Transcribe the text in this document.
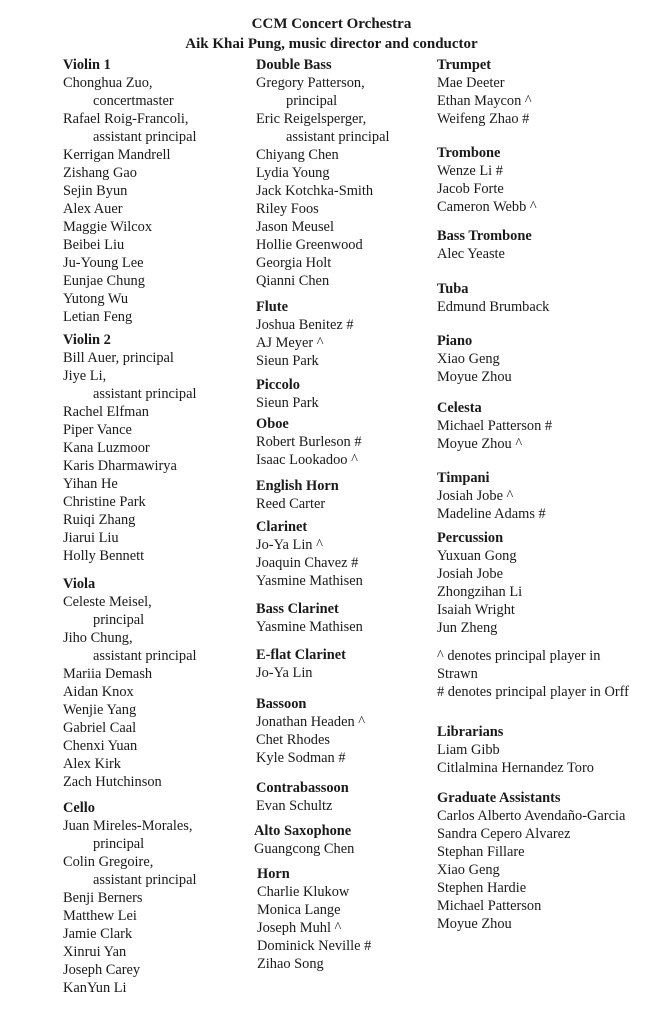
CCM Concert Orchestra
Aik Khai Pung, music director and conductor
Violin 1
Chonghua Zuo,
concertmaster
Rafael Roig-Francoli,
assistant principal
Kerrigan Mandrell
Zishang Gao
Sejin Byun
Alex Auer
Maggie Wilcox
Beibei Liu
Ju-Young Lee
Eunjae Chung
Yutong Wu
Letian Feng
Violin 2
Bill Auer, principal
Jiye Li,
assistant principal
Rachel Elfman
Piper Vance
Kana Luzmoor
Karis Dharmawirya
Yihan He
Christine Park
Ruiqi Zhang
Jiarui Liu
Holly Bennett
Viola
Celeste Meisel,
principal
Jiho Chung,
assistant principal
Mariia Demash
Aidan Knox
Wenjie Yang
Gabriel Caal
Chenxi Yuan
Alex Kirk
Zach Hutchinson
Cello
Juan Mireles-Morales,
principal
Colin Gregoire,
assistant principal
Benji Berners
Matthew Lei
Jamie Clark
Xinrui Yan
Joseph Carey
KanYun Li
Double Bass
Gregory Patterson,
principal
Eric Reigelsperger,
assistant principal
Chiyang Chen
Lydia Young
Jack Kotchka-Smith
Riley Foos
Jason Meusel
Hollie Greenwood
Georgia Holt
Qianni Chen
Flute
Joshua Benitez #
AJ Meyer ^
Sieun Park
Piccolo
Sieun Park
Oboe
Robert Burleson #
Isaac Lookadoo ^
English Horn
Reed Carter
Clarinet
Jo-Ya Lin ^
Joaquin Chavez #
Yasmine Mathisen
Bass Clarinet
Yasmine Mathisen
E-flat Clarinet
Jo-Ya Lin
Bassoon
Jonathan Headen ^
Chet Rhodes
Kyle Sodman #
Contrabassoon
Evan Schultz
Alto Saxophone
Guangcong Chen
Horn
Charlie Klukow
Monica Lange
Joseph Muhl ^
Dominick Neville #
Zihao Song
Trumpet
Mae Deeter
Ethan Maycon ^
Weifeng Zhao #
Trombone
Wenze Li #
Jacob Forte
Cameron Webb ^
Bass Trombone
Alec Yeaste
Tuba
Edmund Brumback
Piano
Xiao Geng
Moyue Zhou
Celesta
Michael Patterson #
Moyue Zhou ^
Timpani
Josiah Jobe ^
Madeline Adams #
Percussion
Yuxuan Gong
Josiah Jobe
Zhongzihan Li
Isaiah Wright
Jun Zheng
^ denotes principal player in Strawn
# denotes principal player in Orff
Librarians
Liam Gibb
Citlalmina Hernandez Toro
Graduate Assistants
Carlos Alberto Avendaño-Garcia
Sandra Cepero Alvarez
Stephan Fillare
Xiao Geng
Stephen Hardie
Michael Patterson
Moyue Zhou
